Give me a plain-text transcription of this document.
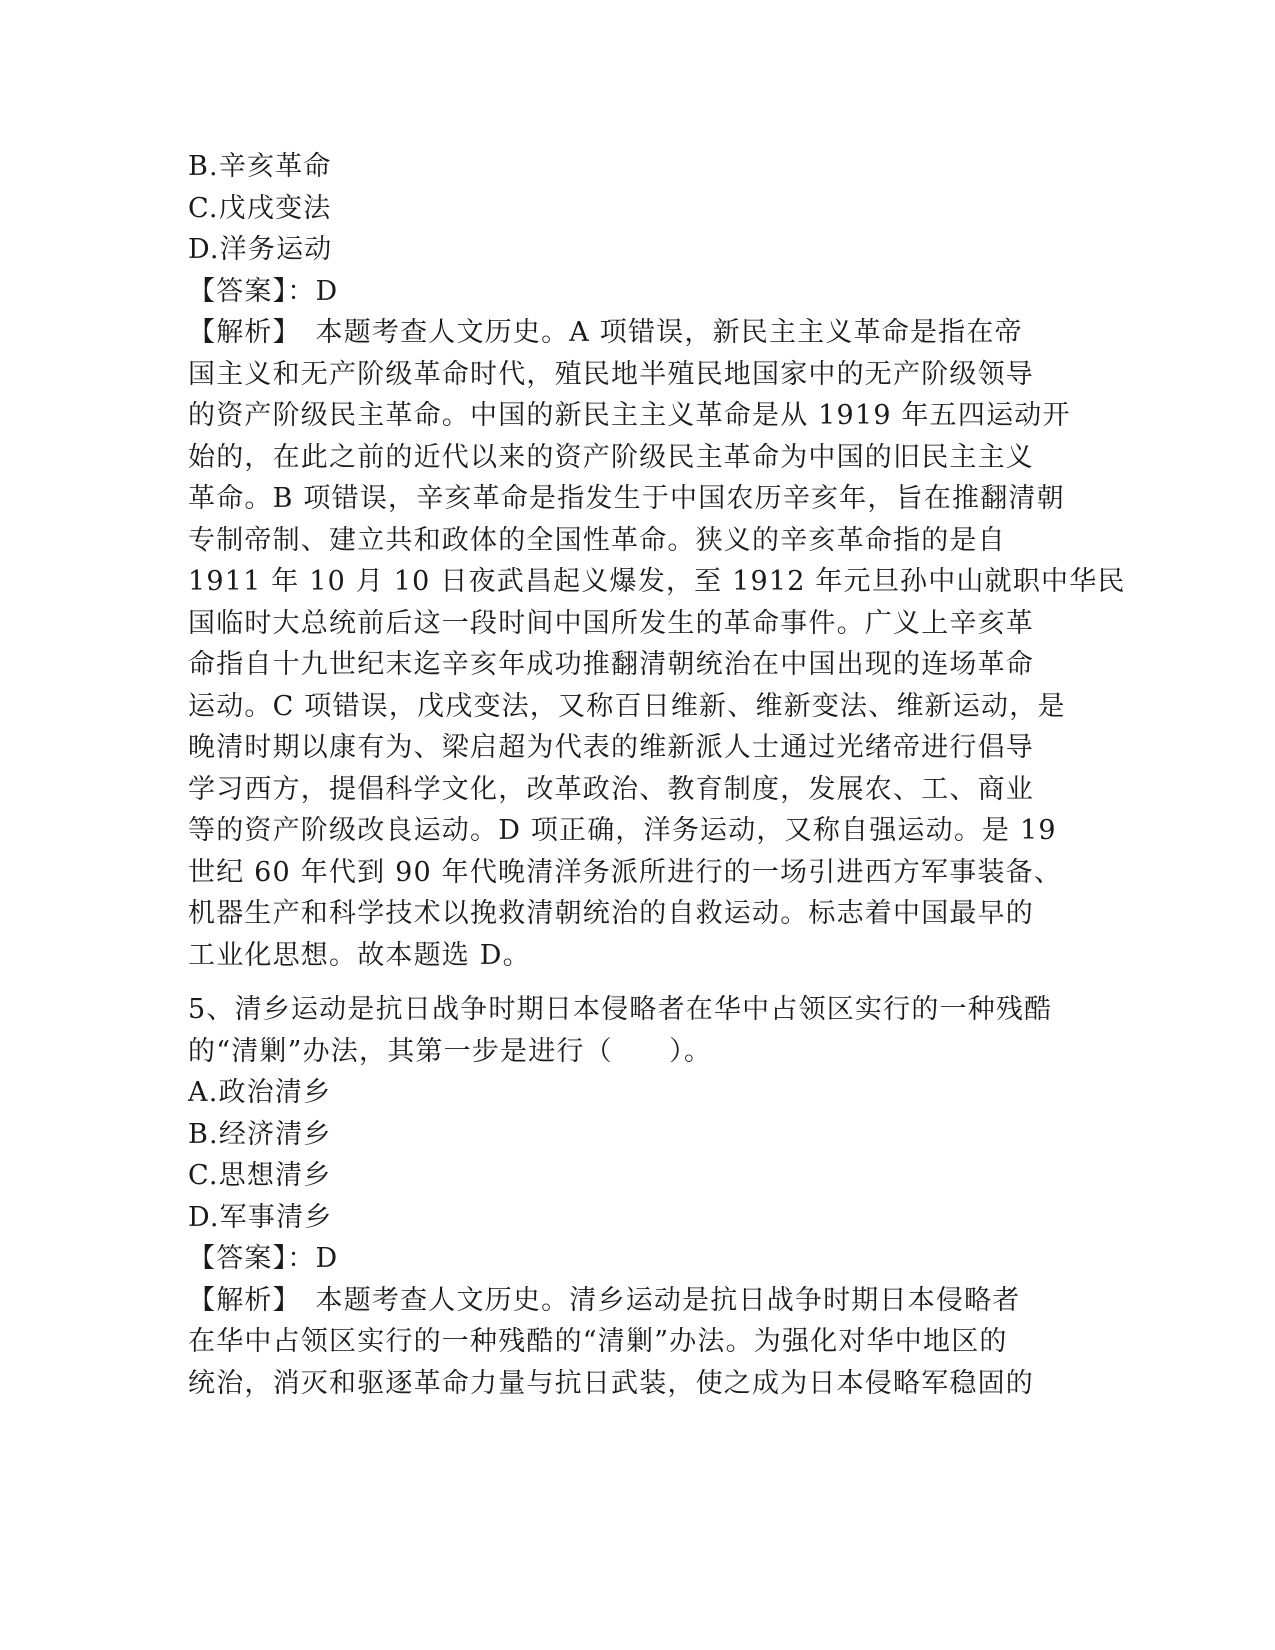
B.辛亥革命
C.戊戌变法
D.洋务运动
【答案】：D
【解析】　本题考查人文历史。A 项错误，新民主主义革命是指在帝
国主义和无产阶级革命时代，殖民地半殖民地国家中的无产阶级领导
的资产阶级民主革命。中国的新民主主义革命是从 1919 年五四运动开
始的，在此之前的近代以来的资产阶级民主革命为中国的旧民主主义
革命。B 项错误，辛亥革命是指发生于中国农历辛亥年，旨在推翻清朝
专制帝制、建立共和政体的全国性革命。狭义的辛亥革命指的是自
1911 年 10 月 10 日夜武昌起义爆发，至 1912 年元旦孙中山就职中华民
国临时大总统前后这一段时间中国所发生的革命事件。广义上辛亥革
命指自十九世纪末迄辛亥年成功推翻清朝统治在中国出现的连场革命
运动。C 项错误，戊戌变法，又称百日维新、维新变法、维新运动，是
晚清时期以康有为、梁启超为代表的维新派人士通过光绪帝进行倡导
学习西方，提倡科学文化，改革政治、教育制度，发展农、工、商业
等的资产阶级改良运动。D 项正确，洋务运动，又称自强运动。是 19
世纪 60 年代到 90 年代晚清洋务派所进行的一场引进西方军事装备、
机器生产和科学技术以挽救清朝统治的自救运动。标志着中国最早的
工业化思想。故本题选 D。
5、清乡运动是抗日战争时期日本侵略者在华中占领区实行的一种残酷
的“清剿”办法，其第一步是进行（　　）。
A.政治清乡
B.经济清乡
C.思想清乡
D.军事清乡
【答案】：D
【解析】　本题考查人文历史。清乡运动是抗日战争时期日本侵略者
在华中占领区实行的一种残酷的“清剿”办法。为强化对华中地区的
统治，消灭和驱逐革命力量与抗日武装，使之成为日本侵略军稳固的
